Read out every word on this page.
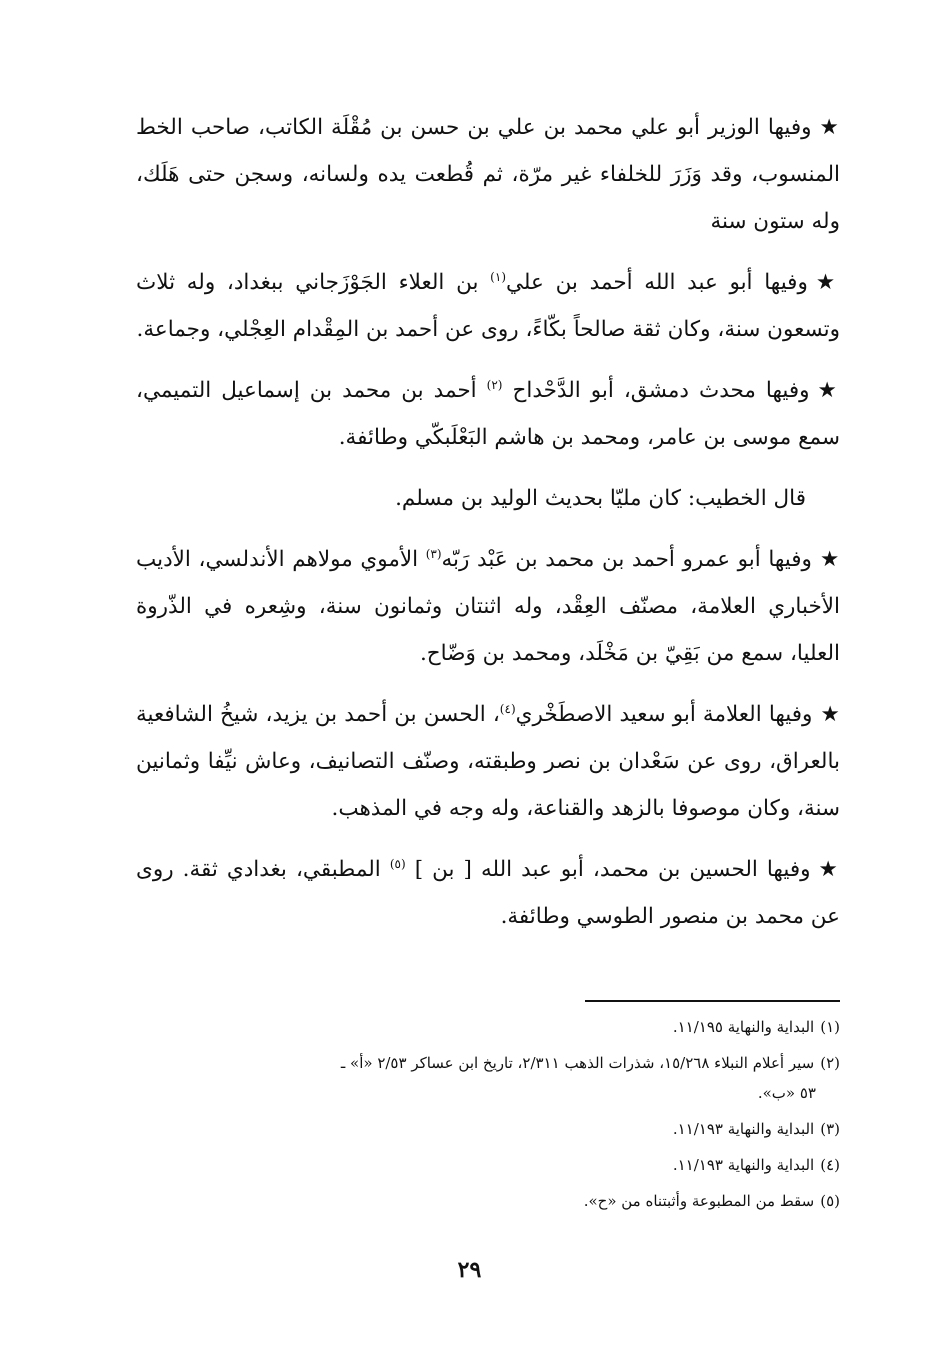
★وفيها الوزير أبو علي محمد بن علي بن حسن بن مُقْلَة الكاتب، صاحب الخط المنسوب، وقد وَزَرَ للخلفاء غير مرّة، ثم قُطعت يده ولسانه، وسجن حتى هَلَك، وله ستون سنة

★وفيها أبو عبد الله أحمد بن علي$^{(١)}$ بن العلاء الجَوْزَجاني ببغداد، وله ثلاث وتسعون سنة، وكان ثقة صالحاً بكّاءً، روى عن أحمد بن المِقْدام العِجْلي، وجماعة.

★وفيها محدث دمشق، أبو الدَّحْداح $^{(٢)}$ أحمد بن محمد بن إسماعيل التميمي، سمع موسى بن عامر، ومحمد بن هاشم البَعْلَبكّي وطائفة.

قال الخطيب: كان مليّا بحديث الوليد بن مسلم.

★وفيها أبو عمرو أحمد بن محمد بن عَبْد رَبّه$^{(٣)}$ الأموي مولاهم الأندلسي، الأديب الأخباري العلامة، مصنّف العِقْد، وله اثنتان وثمانون سنة، وشِعره في الذّروة العليا، سمع من بَقِيّ بن مَخْلَد، ومحمد بن وَضّاح.

★وفيها العلامة أبو سعيد الاصطَخْري$^{(٤)}$، الحسن بن أحمد بن يزيد، شيخُ الشافعية بالعراق، روى عن سَعْدان بن نصر وطبقته، وصنّف التصانيف، وعاش نيِّفا وثمانين سنة، وكان موصوفا بالزهد والقناعة، وله وجه في المذهب.

★وفيها الحسين بن محمد، أبو عبد الله [ بن ] $^{(٥)}$ المطبقي، بغدادي ثقة. روى عن محمد بن منصور الطوسي وطائفة.

(١)البداية والنهاية ١١/١٩٥.

(٢)سير أعلام النبلاء ١٥/٢٦٨، شذرات الذهب ٢/٣١١، تاريخ ابن عساكر ٢/٥٣ «أ» ـ

٥٣ «ب».

(٣)البداية والنهاية ١١/١٩٣.

(٤)البداية والنهاية ١١/١٩٣.

(٥)سقط من المطبوعة وأثبتناه من «ح».

٢٩
